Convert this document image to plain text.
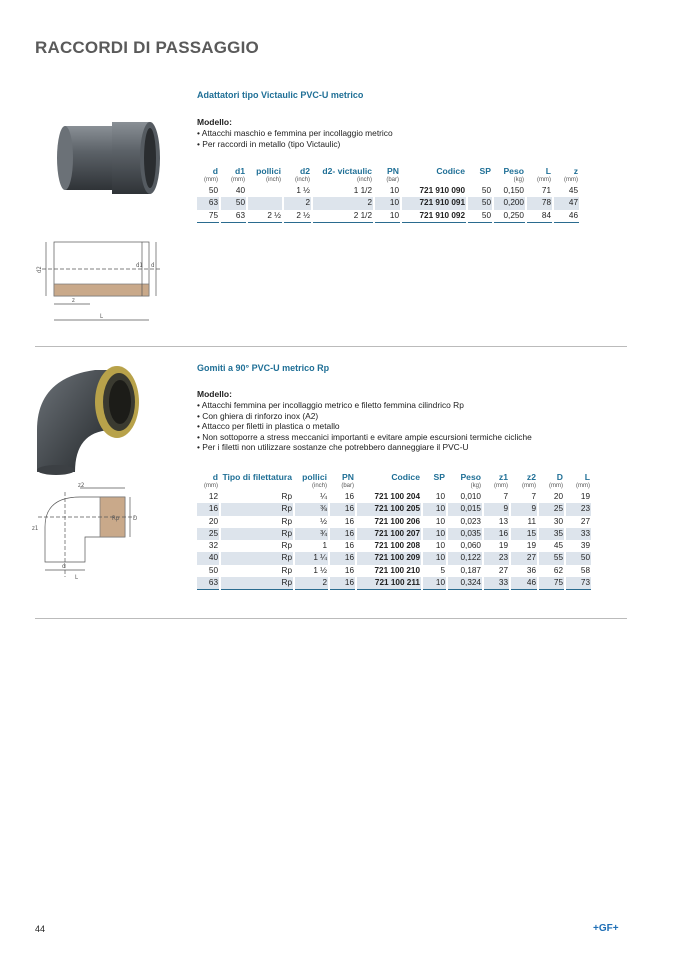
RACCORDI DI PASSAGGIO
d2
d1 d
z
L
Adattatori tipo Victaulic PVC-U metrico
Modello:
• Attacchi maschio e femmina per incollaggio metrico
• Per raccordi in metallo (tipo Victaulic)
d	d1	pollici	d2	d2- victaulic	PN	Codice	SP	Peso	L	z
(mm)	(mm)	(inch)	(inch)	(inch)	(bar)			(kg)	(mm)	(mm)
50	40		1 ½	1 1/2	10	721 910 090	50	0,150	71	45
63	50		2	2	10	721 910 091	50	0,200	78	47
75	63	2 ½	2 ½	2 1/2	10	721 910 092	50	0,250	84	46
z2
z1
Rp D
d
L
Gomiti a 90° PVC-U metrico Rp
Modello:
• Attacchi femmina per incollaggio metrico e filetto femmina cilindrico Rp
• Con ghiera di rinforzo inox (A2)
• Attacco per filetti in plastica o metallo
• Non sottoporre a stress meccanici importanti e evitare ampie escursioni termiche cicliche
• Per i filetti non utilizzare sostanze che potrebbero danneggiare il PVC-U
d	Tipo di filettatura	pollici	PN	Codice	SP	Peso	z1	z2	D	L
(mm)		(inch)	(bar)			(kg)	(mm)	(mm)	(mm)	(mm)
12	Rp	¼	16	721 100 204	10	0,010	7	7	20	19
16	Rp	⅜	16	721 100 205	10	0,015	9	9	25	23
20	Rp	½	16	721 100 206	10	0,023	13	11	30	27
25	Rp	¾	16	721 100 207	10	0,035	16	15	35	33
32	Rp	1	16	721 100 208	10	0,060	19	19	45	39
40	Rp	1 ¼	16	721 100 209	10	0,122	23	27	55	50
50	Rp	1 ½	16	721 100 210	5	0,187	27	36	62	58
63	Rp	2	16	721 100 211	10	0,324	33	46	75	73
44	+GF+
